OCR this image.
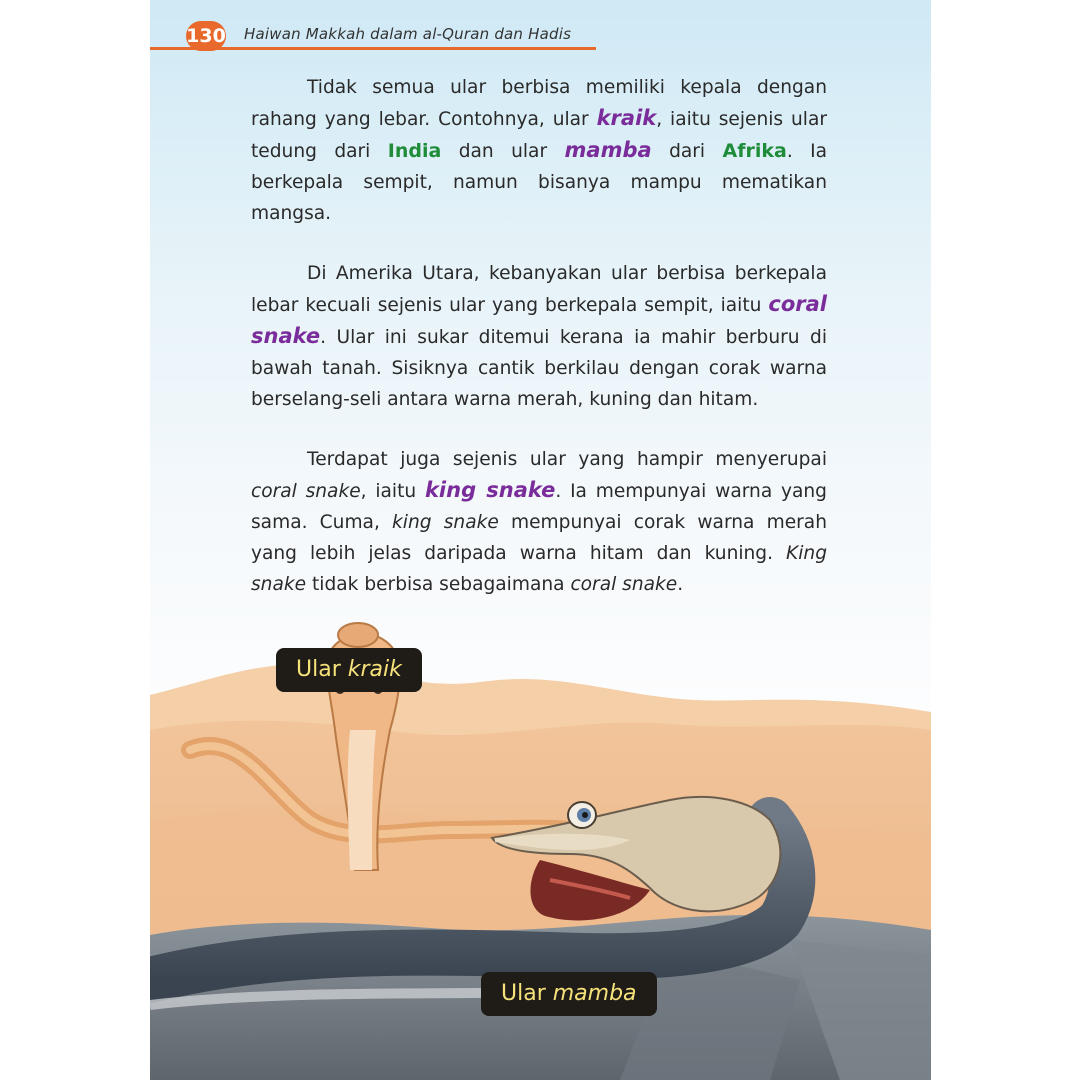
130 Haiwan Makkah dalam al-Quran dan Hadis

Tidak semua ular berbisa memiliki kepala dengan rahang yang lebar. Contohnya, ular kraik, iaitu sejenis ular tedung dari India dan ular mamba dari Afrika. Ia berkepala sempit, namun bisanya mampu mematikan mangsa.

Di Amerika Utara, kebanyakan ular berbisa berkepala lebar kecuali sejenis ular yang berkepala sempit, iaitu coral snake. Ular ini sukar ditemui kerana ia mahir berburu di bawah tanah. Sisiknya cantik berkilau dengan corak warna berselang-seli antara warna merah, kuning dan hitam.

Terdapat juga sejenis ular yang hampir menyerupai coral snake, iaitu king snake. Ia mempunyai warna yang sama. Cuma, king snake mempunyai corak warna merah yang lebih jelas daripada warna hitam dan kuning. King snake tidak berbisa sebagaimana coral snake.

Ular kraik
Ular mamba
